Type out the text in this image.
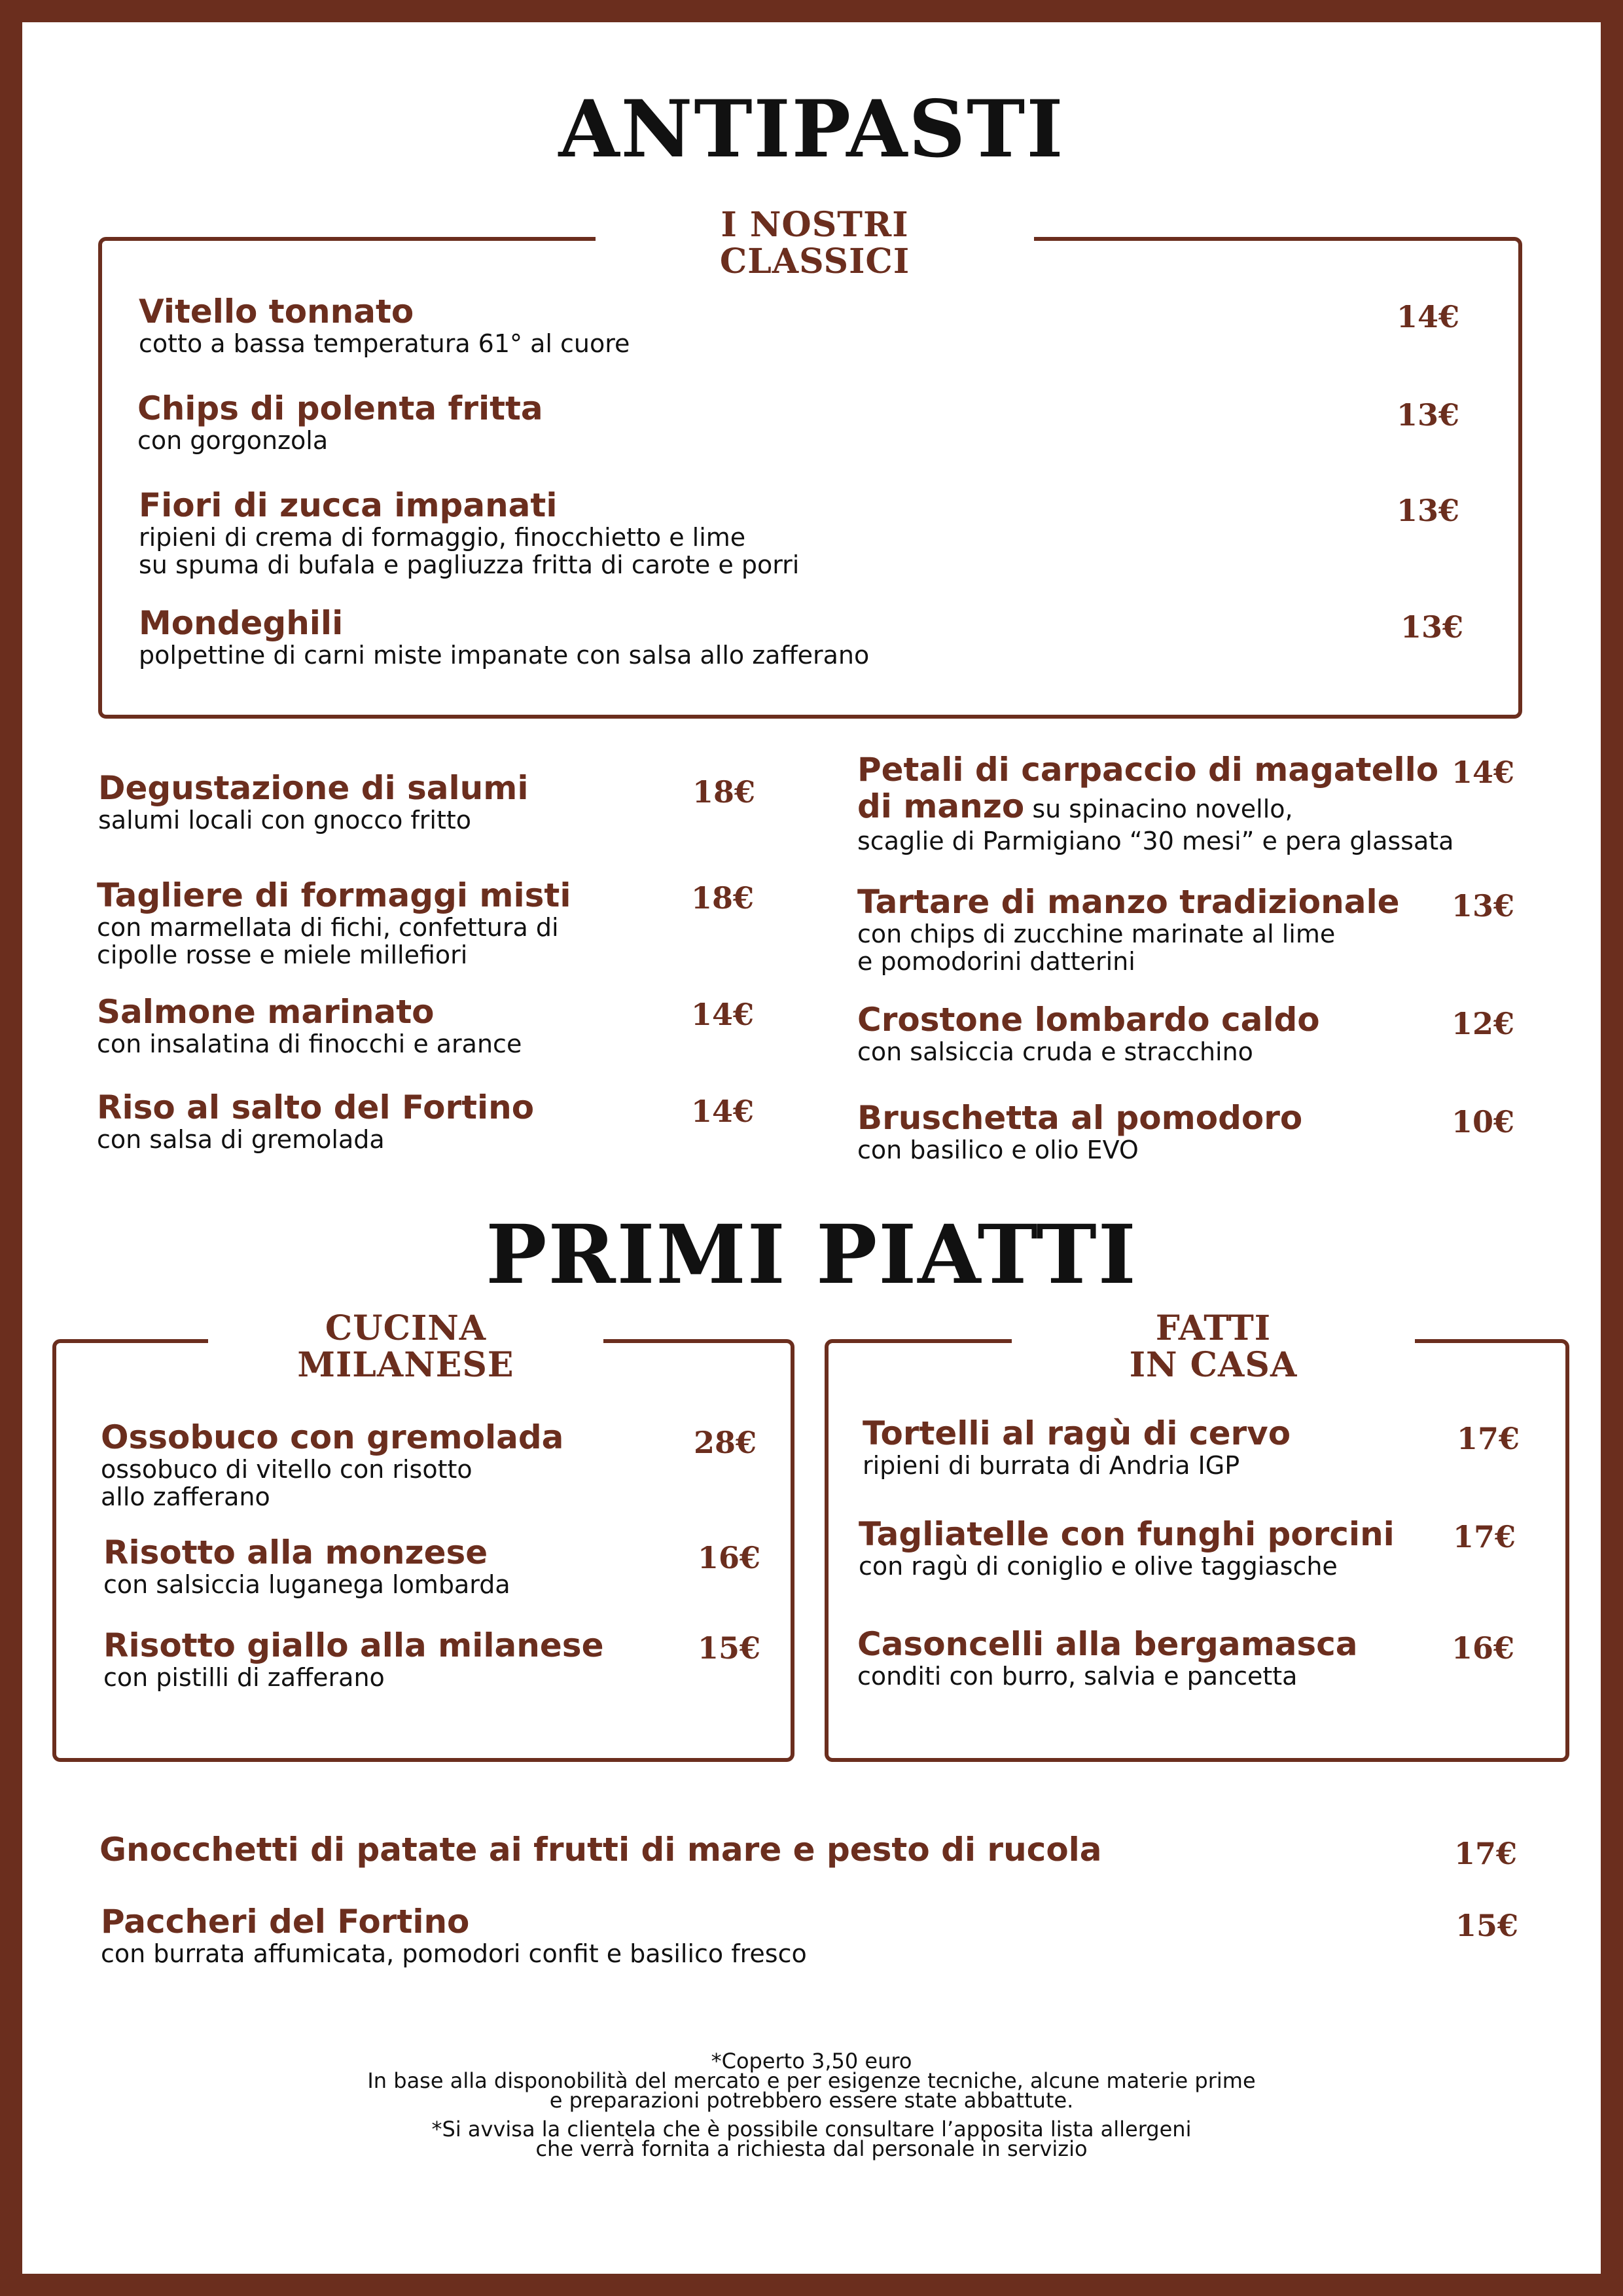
ANTIPASTI
I NOSTRI
CLASSICI
Vitello tonnato
cotto a bassa temperatura 61° al cuore
14€
Chips di polenta fritta
con gorgonzola
13€
Fiori di zucca impanati
ripieni di crema di formaggio, finocchietto e lime
su spuma di bufala e pagliuzza fritta di carote e porri
13€
Mondeghili
polpettine di carni miste impanate con salsa allo zafferano
13€
Degustazione di salumi
salumi locali con gnocco fritto
18€
Tagliere di formaggi misti
con marmellata di fichi, confettura di
cipolle rosse e miele millefiori
18€
Salmone marinato
con insalatina di finocchi e arance
14€
Riso al salto del Fortino
con salsa di gremolada
14€
Petali di carpaccio di magatello
di manzo su spinacino novello,
scaglie di Parmigiano “30 mesi” e pera glassata
14€
Tartare di manzo tradizionale
con chips di zucchine marinate al lime
e pomodorini datterini
13€
Crostone lombardo caldo
con salsiccia cruda e stracchino
12€
Bruschetta al pomodoro
con basilico e olio EVO
10€
PRIMI PIATTI
CUCINA
MILANESE
Ossobuco con gremolada
ossobuco di vitello con risotto
allo zafferano
28€
Risotto alla monzese
con salsiccia luganega lombarda
16€
Risotto giallo alla milanese
con pistilli di zafferano
15€
FATTI
IN CASA
Tortelli al ragù di cervo
ripieni di burrata di Andria IGP
17€
Tagliatelle con funghi porcini
con ragù di coniglio e olive taggiasche
17€
Casoncelli alla bergamasca
conditi con burro, salvia e pancetta
16€
Gnocchetti di patate ai frutti di mare e pesto di rucola	17€
Paccheri del Fortino
con burrata affumicata, pomodori confit e basilico fresco
15€
*Coperto 3,50 euro
In base alla disponobilità del mercato e per esigenze tecniche, alcune materie prime
e preparazioni potrebbero essere state abbattute.
*Si avvisa la clientela che è possibile consultare l’apposita lista allergeni
che verrà fornita a richiesta dal personale in servizio
